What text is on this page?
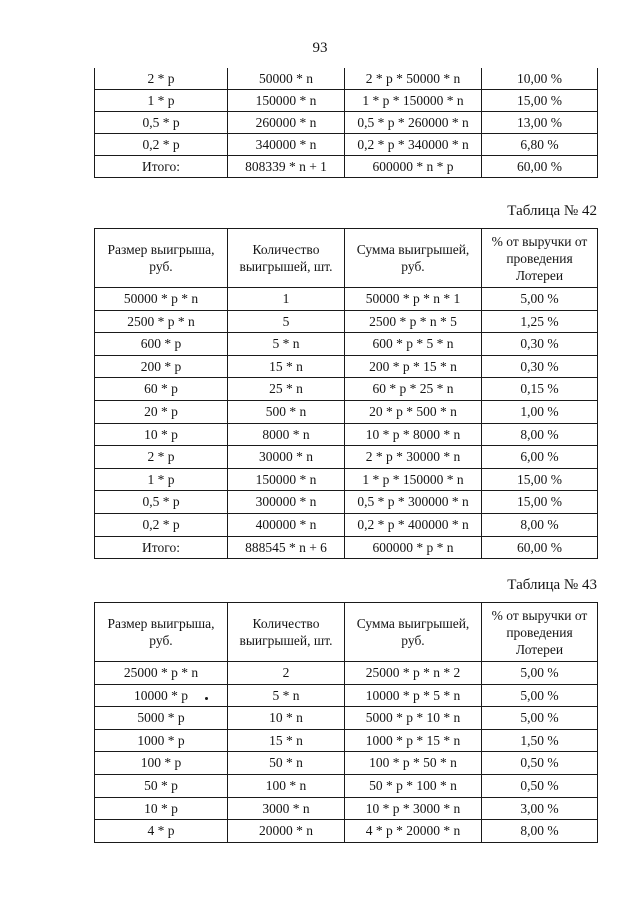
93
2 * p	50000 * n	2 * p * 50000 * n	10,00 %
1 * p	150000 * n	1 * p * 150000 * n	15,00 %
0,5 * p	260000 * n	0,5 * p * 260000 * n	13,00 %
0,2 * p	340000 * n	0,2 * p * 340000 * n	6,80 %
Итого:	808339 * n + 1	600000 * n * p	60,00 %
Таблица № 42
Размер выигрыша, руб.	Количество выигрышей, шт.	Сумма выигрышей, руб.	% от выручки от проведения Лотереи
50000 * p * n	1	50000 * p * n * 1	5,00 %
2500 * p * n	5	2500 * p * n * 5	1,25 %
600 * p	5 * n	600 * p * 5 * n	0,30 %
200 * p	15 * n	200 * p * 15 * n	0,30 %
60 * p	25 * n	60 * p * 25 * n	0,15 %
20 * p	500 * n	20 * p * 500 * n	1,00 %
10 * p	8000 * n	10 * p * 8000 * n	8,00 %
2 * p	30000 * n	2 * p * 30000 * n	6,00 %
1 * p	150000 * n	1 * p * 150000 * n	15,00 %
0,5 * p	300000 * n	0,5 * p * 300000 * n	15,00 %
0,2 * p	400000 * n	0,2 * p * 400000 * n	8,00 %
Итого:	888545 * n + 6	600000 * p * n	60,00 %
Таблица № 43
Размер выигрыша, руб.	Количество выигрышей, шт.	Сумма выигрышей, руб.	% от выручки от проведения Лотереи
25000 * p * n	2	25000 * p * n * 2	5,00 %
10000 * p	5 * n	10000 * p * 5 * n	5,00 %
5000 * p	10 * n	5000 * p * 10 * n	5,00 %
1000 * p	15 * n	1000 * p * 15 * n	1,50 %
100 * p	50 * n	100 * p * 50 * n	0,50 %
50 * p	100 * n	50 * p * 100 * n	0,50 %
10 * p	3000 * n	10 * p * 3000 * n	3,00 %
4 * p	20000 * n	4 * p * 20000 * n	8,00 %
